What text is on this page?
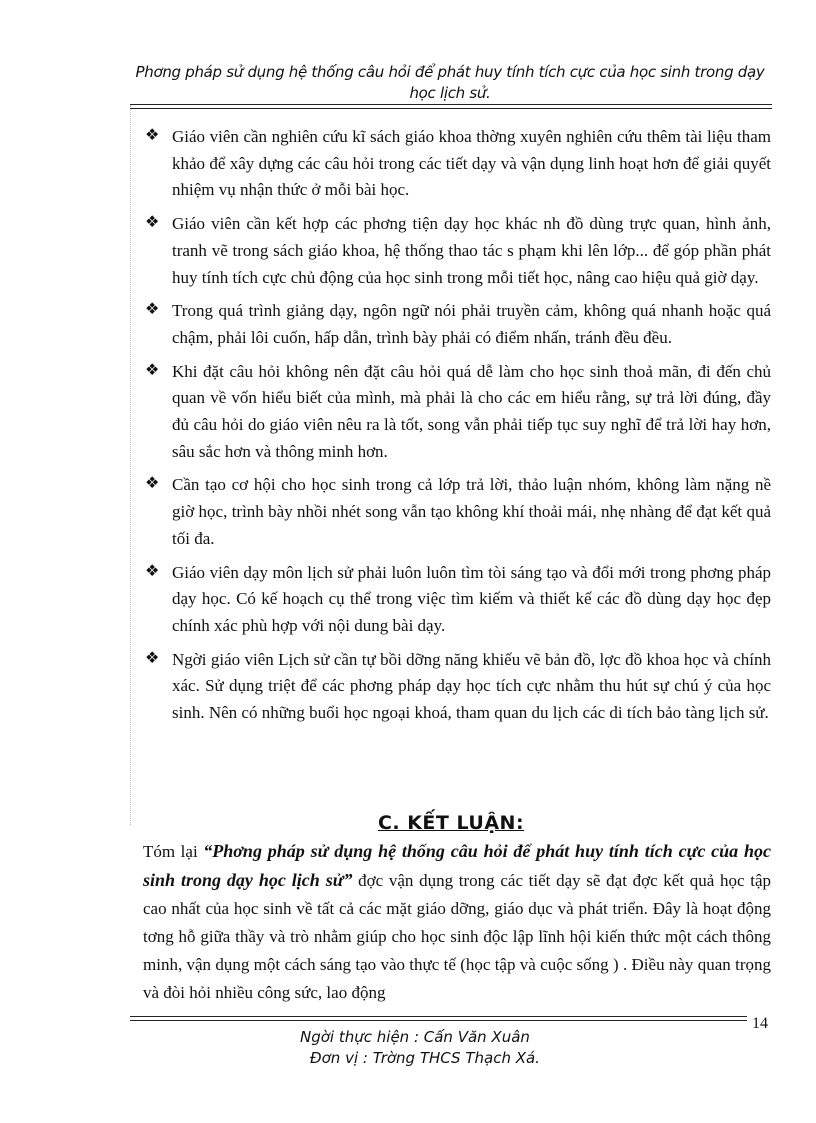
Phơng pháp sử dụng hệ thống câu hỏi để phát huy tính tích cực của học sinh trong dạy học lịch sử.
❖ Giáo viên cần nghiên cứu kĩ sách giáo khoa thờng xuyên nghiên cứu thêm tài liệu tham khảo để xây dựng các câu hỏi trong các tiết dạy và vận dụng linh hoạt hơn để giải quyết nhiệm vụ nhận thức ở mỗi bài học.
❖ Giáo viên cần kết hợp các phơng tiện dạy học khác nh đồ dùng trực quan, hình ảnh, tranh vẽ trong sách giáo khoa, hệ thống thao tác s phạm khi lên lớp... để góp phần phát huy tính tích cực chủ động của học sinh trong mỗi tiết học, nâng cao hiệu quả giờ dạy.
❖ Trong quá trình giảng dạy, ngôn ngữ nói phải truyền cảm, không quá nhanh hoặc quá chậm, phải lôi cuốn, hấp dẫn, trình bày phải có điểm nhấn, tránh đều đều.
❖ Khi đặt câu hỏi không nên đặt câu hỏi quá dễ làm cho học sinh thoả mãn, đi đến chủ quan về vốn hiểu biết của mình, mà phải là cho các em hiểu rằng, sự trả lời đúng, đầy đủ câu hỏi do giáo viên nêu ra là tốt, song vẫn phải tiếp tục suy nghĩ để trả lời hay hơn, sâu sắc hơn và thông minh hơn.
❖ Cần tạo cơ hội cho học sinh trong cả lớp trả lời, thảo luận nhóm, không làm nặng nề giờ học, trình bày nhồi nhét song vẫn tạo không khí thoải mái, nhẹ nhàng để đạt kết quả tối đa.
❖ Giáo viên dạy môn lịch sử phải luôn luôn tìm tòi sáng tạo và đổi mới trong phơng pháp dạy học. Có kế hoạch cụ thể trong việc tìm kiếm và thiết kế các đồ dùng dạy học đẹp chính xác phù hợp với nội dung bài dạy.
❖ Ngời giáo viên Lịch sử cần tự bồi dỡng năng khiếu vẽ bản đồ, lợc đồ khoa học và chính xác. Sử dụng triệt để các phơng pháp dạy học tích cực nhằm thu hút sự chú ý của học sinh. Nên có những buổi học ngoại khoá, tham quan du lịch các di tích bảo tàng lịch sử.
C. KẾT LUẬN:
Tóm lại “Phơng pháp sử dụng hệ thống câu hỏi để phát huy tính tích cực của học sinh trong dạy học lịch sử” đợc vận dụng trong các tiết dạy sẽ đạt đợc kết quả học tập cao nhất của học sinh về tất cả các mặt giáo dỡng, giáo dục và phát triển. Đây là hoạt động tơng hỗ giữa thầy và trò nhằm giúp cho học sinh độc lập lĩnh hội kiến thức một cách thông minh, vận dụng một cách sáng tạo vào thực tế (học tập và cuộc sống ) . Điều này quan trọng và đòi hỏi nhiều công sức, lao động
14
Ngời thực hiện : Cấn Văn Xuân
Đơn vị : Trờng THCS Thạch Xá.
